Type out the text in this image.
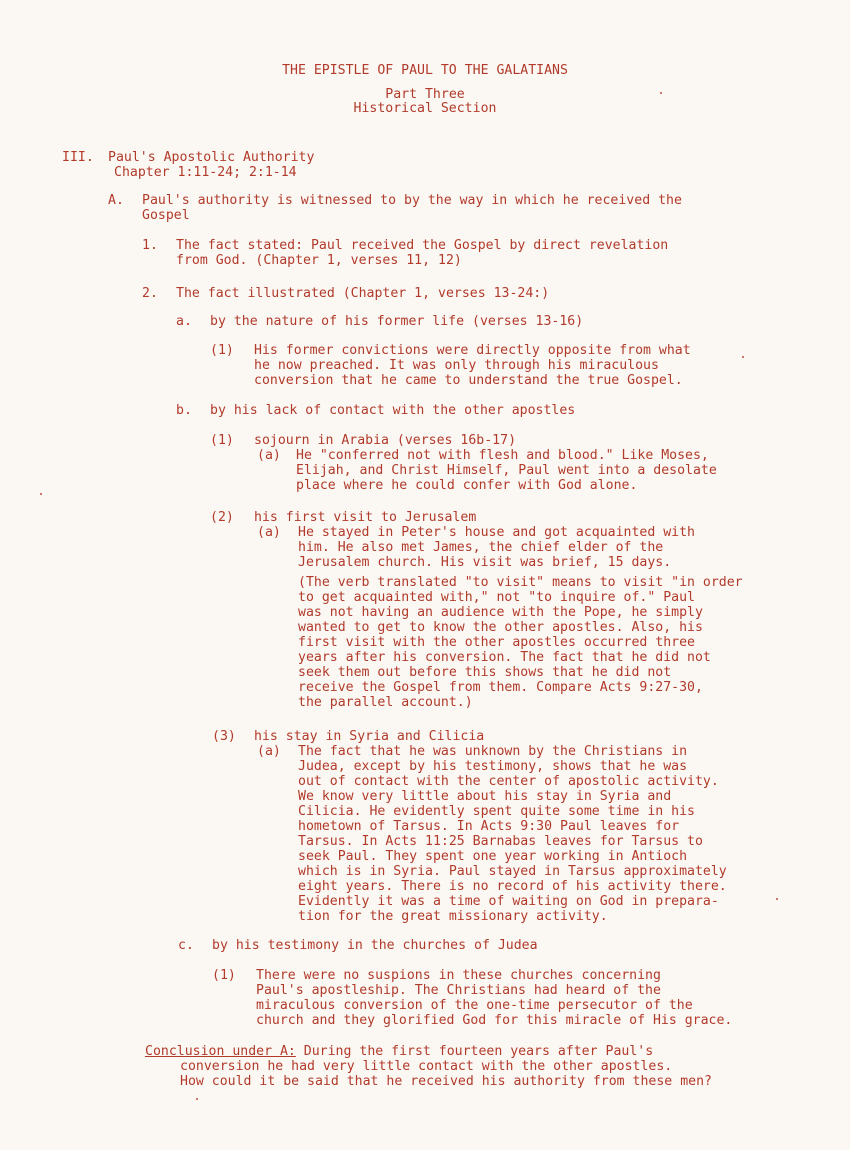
THE EPISTLE OF PAUL TO THE GALATIANS
Part Three
Historical Section
III. Paul's Apostolic Authority
Chapter 1:11-24; 2:1-14
A. Paul's authority is witnessed to by the way in which he received the
Gospel
1. The fact stated: Paul received the Gospel by direct revelation
from God. (Chapter 1, verses 11, 12)
2. The fact illustrated (Chapter 1, verses 13-24:)
a. by the nature of his former life (verses 13-16)
(1) His former convictions were directly opposite from what
he now preached. It was only through his miraculous
conversion that he came to understand the true Gospel.
b. by his lack of contact with the other apostles
(1) sojourn in Arabia (verses 16b-17)
(a) He "conferred not with flesh and blood." Like Moses,
Elijah, and Christ Himself, Paul went into a desolate
place where he could confer with God alone.
(2) his first visit to Jerusalem
(a) He stayed in Peter's house and got acquainted with
him. He also met James, the chief elder of the
Jerusalem church. His visit was brief, 15 days.
(The verb translated "to visit" means to visit "in order
to get acquainted with," not "to inquire of." Paul
was not having an audience with the Pope, he simply
wanted to get to know the other apostles. Also, his
first visit with the other apostles occurred three
years after his conversion. The fact that he did not
seek them out before this shows that he did not
receive the Gospel from them. Compare Acts 9:27-30,
the parallel account.)
(3) his stay in Syria and Cilicia
(a) The fact that he was unknown by the Christians in
Judea, except by his testimony, shows that he was
out of contact with the center of apostolic activity.
We know very little about his stay in Syria and
Cilicia. He evidently spent quite some time in his
hometown of Tarsus. In Acts 9:30 Paul leaves for
Tarsus. In Acts 11:25 Barnabas leaves for Tarsus to
seek Paul. They spent one year working in Antioch
which is in Syria. Paul stayed in Tarsus approximately
eight years. There is no record of his activity there.
Evidently it was a time of waiting on God in prepara-
tion for the great missionary activity.
c. by his testimony in the churches of Judea
(1) There were no suspions in these churches concerning
Paul's apostleship. The Christians had heard of the
miraculous conversion of the one-time persecutor of the
church and they glorified God for this miracle of His grace.
Conclusion under A: During the first fourteen years after Paul's
conversion he had very little contact with the other apostles.
How could it be said that he received his authority from these men?
